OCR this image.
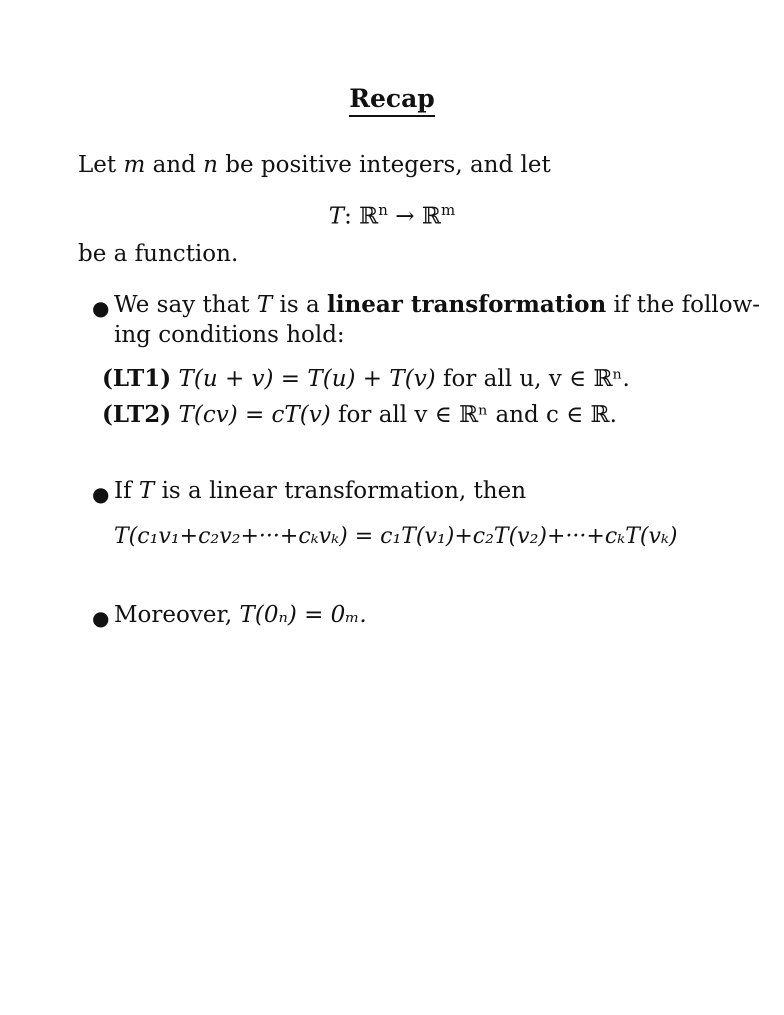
Recap
Let m and n be positive integers, and let
T: ℝ$^n$ → ℝ$^m$
be a function.
● We say that T is a linear transformation if the follow-
ing conditions hold:
(LT1) T(u + v) = T(u) + T(v) for all u, v ∈ ℝⁿ.
(LT2) T(cv) = cT(v) for all v ∈ ℝⁿ and c ∈ ℝ.
● If T is a linear transformation, then
T(c₁v₁+c₂v₂+···+cₖvₖ) = c₁T(v₁)+c₂T(v₂)+···+cₖT(vₖ)
● Moreover, T(0ₙ) = 0ₘ.
